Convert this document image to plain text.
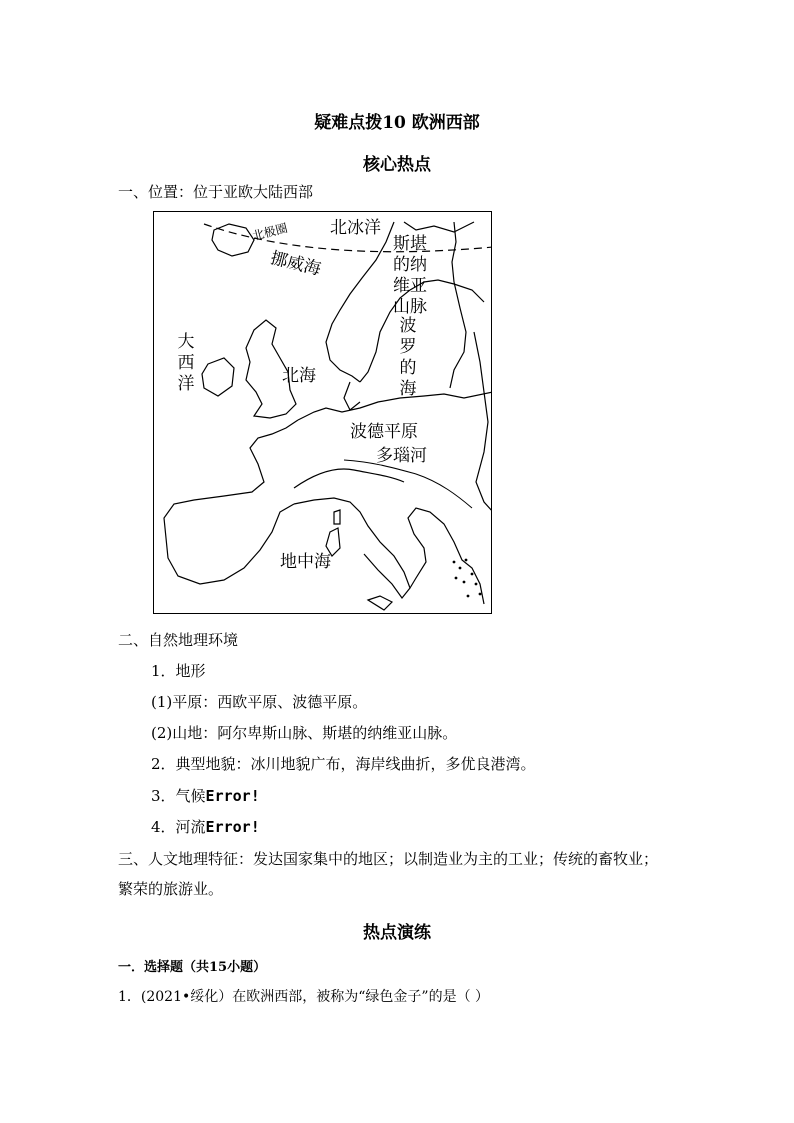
疑难点拨10 欧洲西部
核心热点
一、位置：位于亚欧大陆西部
北极圈 北冰洋
挪威海
大西洋	北海
斯堪的纳维亚山脉
波罗的海
波德平原
多瑙河
地中海
二、自然地理环境
1．地形
(1)平原：西欧平原、波德平原。
(2)山地：阿尔卑斯山脉、斯堪的纳维亚山脉。
2．典型地貌：冰川地貌广布，海岸线曲折，多优良港湾。
3．气候Error!
4．河流Error!
三、人文地理特征：发达国家集中的地区；以制造业为主的工业；传统的畜牧业；
繁荣的旅游业。
热点演练
一．选择题（共15小题）
1．(2021•绥化）在欧洲西部，被称为“绿色金子”的是（ ）
